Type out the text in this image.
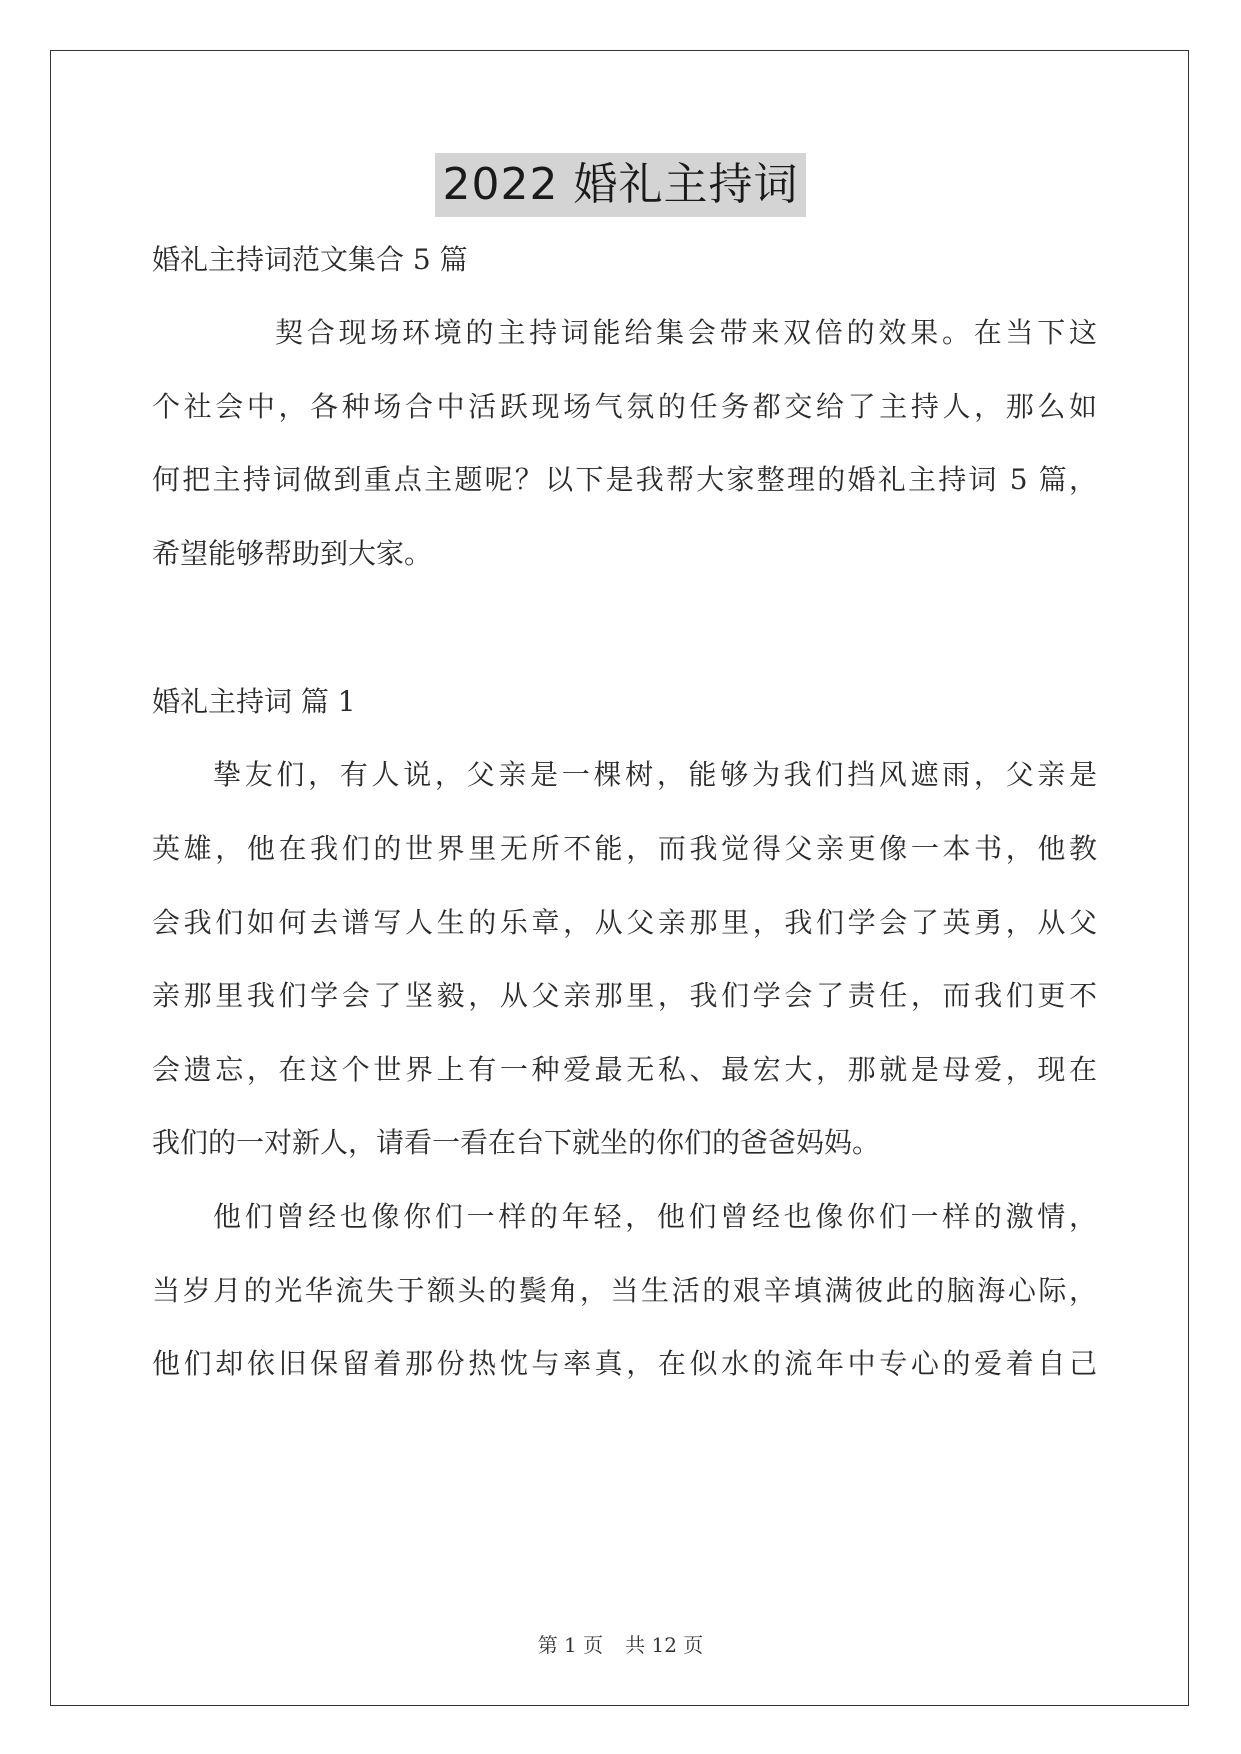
2022 婚礼主持词
婚礼主持词范文集合 5 篇
契合现场环境的主持词能给集会带来双倍的效果。在当下这
个社会中，各种场合中活跃现场气氛的任务都交给了主持人，那么如
何把主持词做到重点主题呢？以下是我帮大家整理的婚礼主持词 5 篇，
希望能够帮助到大家。
婚礼主持词 篇 1
挚友们，有人说，父亲是一棵树，能够为我们挡风遮雨，父亲是
英雄，他在我们的世界里无所不能，而我觉得父亲更像一本书，他教
会我们如何去谱写人生的乐章，从父亲那里，我们学会了英勇，从父
亲那里我们学会了坚毅，从父亲那里，我们学会了责任，而我们更不
会遗忘，在这个世界上有一种爱最无私、最宏大，那就是母爱，现在
我们的一对新人，请看一看在台下就坐的你们的爸爸妈妈。
他们曾经也像你们一样的年轻，他们曾经也像你们一样的激情，
当岁月的光华流失于额头的鬓角，当生活的艰辛填满彼此的脑海心际，
他们却依旧保留着那份热忱与率真，在似水的流年中专心的爱着自己
第 1 页 共 12 页
